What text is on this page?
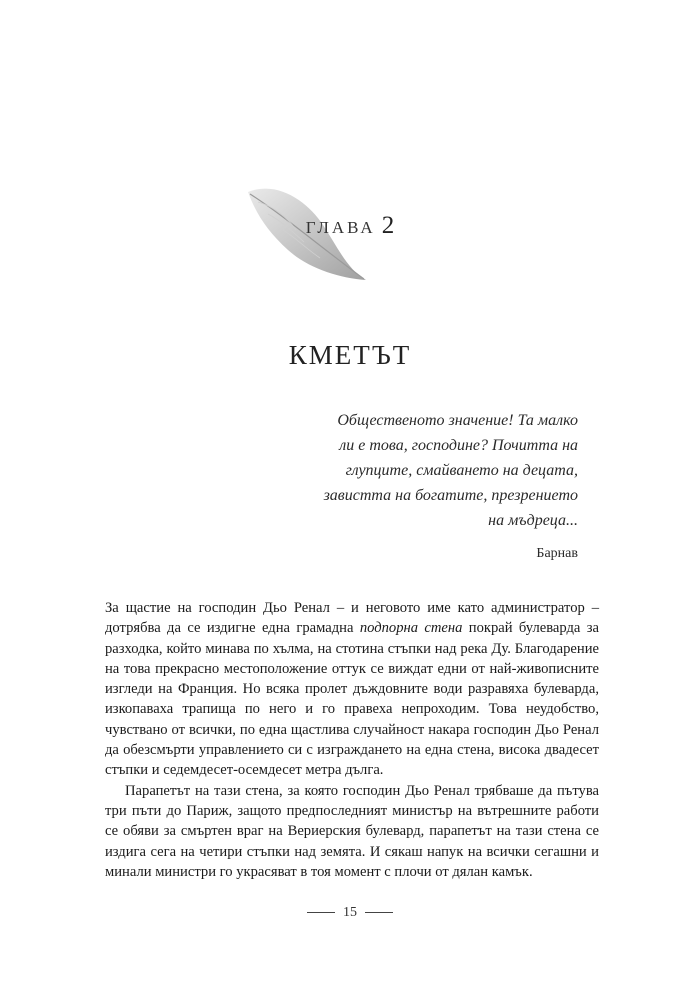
ГЛАВА 2
КМЕТЪТ
Общественото значение! Та малко
ли е това, господине? Почитта на
глупците, смайването на децата,
завистта на богатите, презрението
на мъдреца...
Барнав

За щастие на господин Дьо Ренал – и неговото име като администратор – дотрябва да се издигне една грамадна подпорна стена покрай булеварда за разходка, който минава по хълма, на стотина стъпки над река Ду. Благодарение на това прекрасно местоположение оттук се виждат едни от най-живописните изгледи на Франция. Но всяка пролет дъждовните води разравяха булеварда, изкопаваха трапища по него и го правеха непроходим. Това неудобство, чувствано от всички, по една щастлива случайност накара господин Дьо Ренал да обезсмърти управлението си с изграждането на една стена, висока двадесет стъпки и седемдесет-осемдесет метра дълга.

Парапетът на тази стена, за която господин Дьо Ренал трябваше да пътува три пъти до Париж, защото предпоследният министър на вътрешните работи се обяви за смъртен враг на Вериерския булевард, парапетът на тази стена се издига сега на четири стъпки над земята. И сякаш напук на всички сегашни и минали министри го украсяват в тоя момент с плочи от дялан камък.

15
